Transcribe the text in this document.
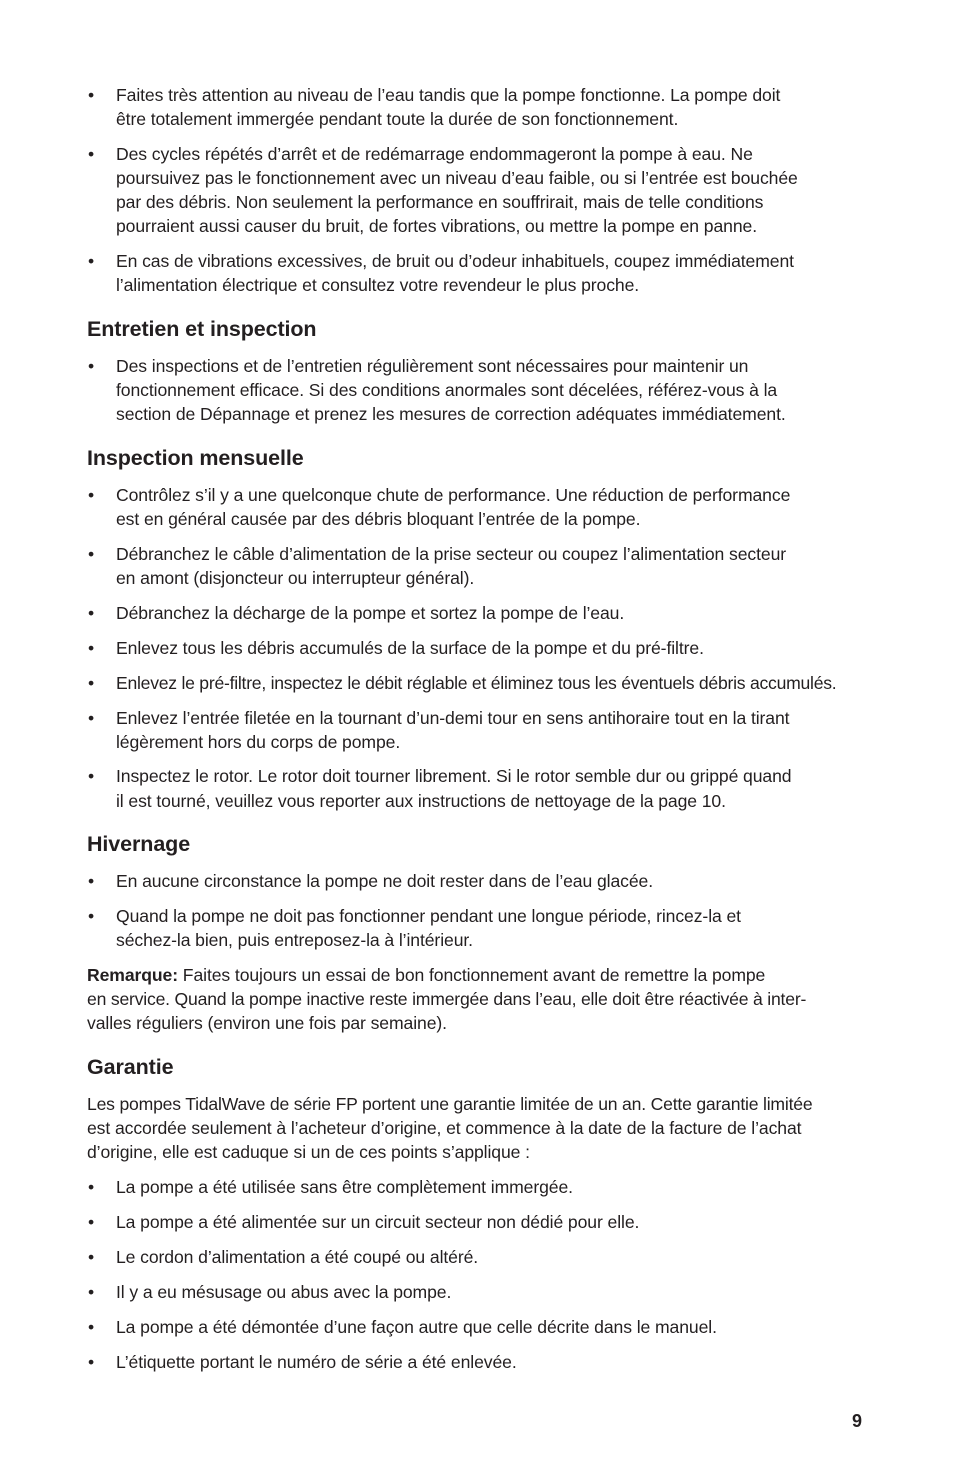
• Faites très attention au niveau de l’eau tandis que la pompe fonctionne. La pompe doit
être totalement immergée pendant toute la durée de son fonctionnement.
• Des cycles répétés d’arrêt et de redémarrage endommageront la pompe à eau. Ne
poursuivez pas le fonctionnement avec un niveau d’eau faible, ou si l’entrée est bouchée
par des débris. Non seulement la performance en souffrirait, mais de telle conditions
pourraient aussi causer du bruit, de fortes vibrations, ou mettre la pompe en panne.
• En cas de vibrations excessives, de bruit ou d’odeur inhabituels, coupez immédiatement
l’alimentation électrique et consultez votre revendeur le plus proche.
Entretien et inspection
• Des inspections et de l’entretien régulièrement sont nécessaires pour maintenir un
fonctionnement efficace. Si des conditions anormales sont décelées, référez-vous à la
section de Dépannage et prenez les mesures de correction adéquates immédiatement.
Inspection mensuelle
• Contrôlez s’il y a une quelconque chute de performance. Une réduction de performance
est en général causée par des débris bloquant l’entrée de la pompe.
• Débranchez le câble d’alimentation de la prise secteur ou coupez l’alimentation secteur
en amont (disjoncteur ou interrupteur général).
• Débranchez la décharge de la pompe et sortez la pompe de l’eau.
• Enlevez tous les débris accumulés de la surface de la pompe et du pré-filtre.
• Enlevez le pré-filtre, inspectez le débit réglable et éliminez tous les éventuels débris accumulés.
• Enlevez l’entrée filetée en la tournant d’un-demi tour en sens antihoraire tout en la tirant
légèrement hors du corps de pompe.
• Inspectez le rotor. Le rotor doit tourner librement. Si le rotor semble dur ou grippé quand
il est tourné, veuillez vous reporter aux instructions de nettoyage de la page 10.
Hivernage
• En aucune circonstance la pompe ne doit rester dans de l’eau glacée.
• Quand la pompe ne doit pas fonctionner pendant une longue période, rincez-la et
séchez-la bien, puis entreposez-la à l’intérieur.
Remarque: Faites toujours un essai de bon fonctionnement avant de remettre la pompe
en service. Quand la pompe inactive reste immergée dans l’eau, elle doit être réactivée à inter-
valles réguliers (environ une fois par semaine).
Garantie
Les pompes TidalWave de série FP portent une garantie limitée de un an. Cette garantie limitée
est accordée seulement à l’acheteur d’origine, et commence à la date de la facture de l’achat
d’origine, elle est caduque si un de ces points s’applique :
• La pompe a été utilisée sans être complètement immergée.
• La pompe a été alimentée sur un circuit secteur non dédié pour elle.
• Le cordon d’alimentation a été coupé ou altéré.
• Il y a eu mésusage ou abus avec la pompe.
• La pompe a été démontée d’une façon autre que celle décrite dans le manuel.
• L’étiquette portant le numéro de série a été enlevée.
9
